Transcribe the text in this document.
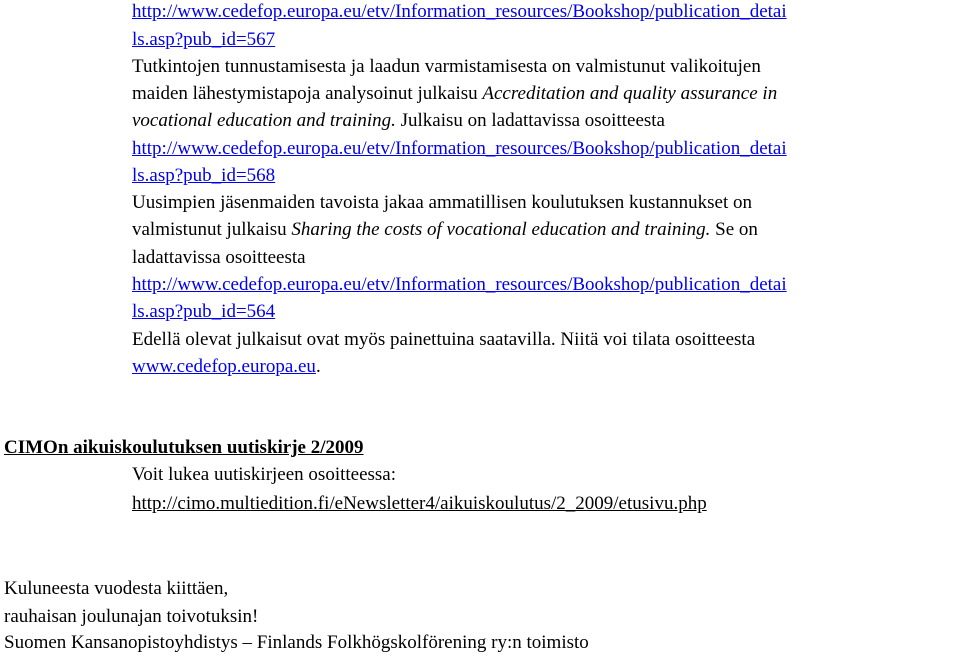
http://www.cedefop.europa.eu/etv/Information_resources/Bookshop/publication_detai
ls.asp?pub_id=567
Tutkintojen tunnustamisesta ja laadun varmistamisesta on valmistunut valikoitujen
maiden lähestymistapoja analysoinut julkaisu Accreditation and quality assurance in
vocational education and training. Julkaisu on ladattavissa osoitteesta
http://www.cedefop.europa.eu/etv/Information_resources/Bookshop/publication_detai
ls.asp?pub_id=568
Uusimpien jäsenmaiden tavoista jakaa ammatillisen koulutuksen kustannukset on
valmistunut julkaisu Sharing the costs of vocational education and training. Se on
ladattavissa osoitteesta
http://www.cedefop.europa.eu/etv/Information_resources/Bookshop/publication_detai
ls.asp?pub_id=564
Edellä olevat julkaisut ovat myös painettuina saatavilla. Niitä voi tilata osoitteesta
www.cedefop.europa.eu.
CIMOn aikuiskoulutuksen uutiskirje 2/2009
Voit lukea uutiskirjeen osoitteessa:
http://cimo.multiedition.fi/eNewsletter4/aikuiskoulutus/2_2009/etusivu.php
Kuluneesta vuodesta kiittäen,
rauhaisan joulunajan toivotuksin!
Suomen Kansanopistoyhdistys – Finlands Folkhögskolförening ry:n toimisto
